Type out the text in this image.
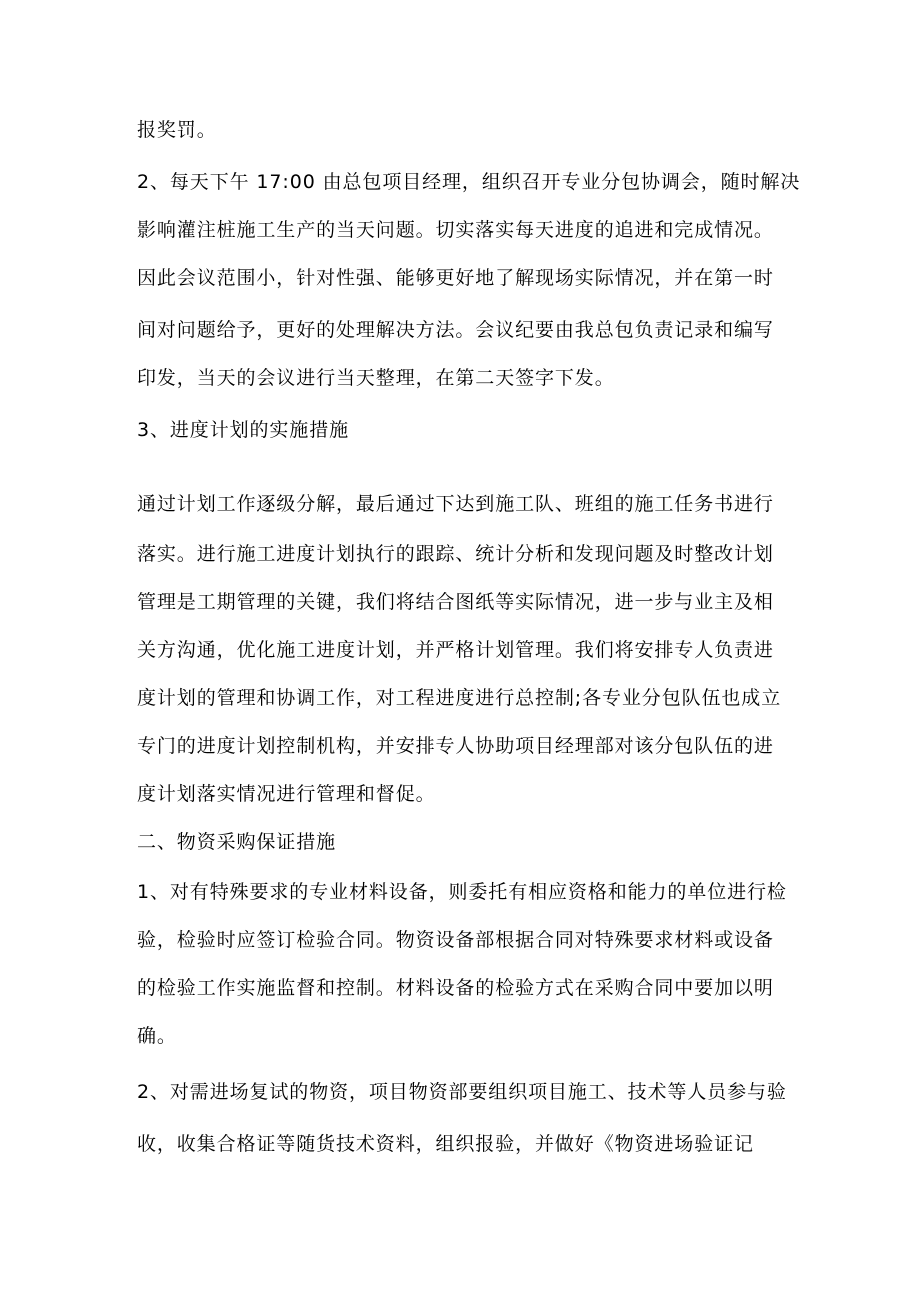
报奖罚。
2、每天下午 17:00 由总包项目经理，组织召开专业分包协调会，随时解决
影响灌注桩施工生产的当天问题。切实落实每天进度的追进和完成情况。
因此会议范围小，针对性强、能够更好地了解现场实际情况，并在第一时
间对问题给予，更好的处理解决方法。会议纪要由我总包负责记录和编写
印发，当天的会议进行当天整理，在第二天签字下发。
3、进度计划的实施措施
通过计划工作逐级分解，最后通过下达到施工队、班组的施工任务书进行
落实。进行施工进度计划执行的跟踪、统计分析和发现问题及时整改计划
管理是工期管理的关键，我们将结合图纸等实际情况，进一步与业主及相
关方沟通，优化施工进度计划，并严格计划管理。我们将安排专人负责进
度计划的管理和协调工作，对工程进度进行总控制;各专业分包队伍也成立
专门的进度计划控制机构，并安排专人协助项目经理部对该分包队伍的进
度计划落实情况进行管理和督促。
二、物资采购保证措施
1、对有特殊要求的专业材料设备，则委托有相应资格和能力的单位进行检
验，检验时应签订检验合同。物资设备部根据合同对特殊要求材料或设备
的检验工作实施监督和控制。材料设备的检验方式在采购合同中要加以明
确。
2、对需进场复试的物资，项目物资部要组织项目施工、技术等人员参与验
收，收集合格证等随货技术资料，组织报验，并做好《物资进场验证记
